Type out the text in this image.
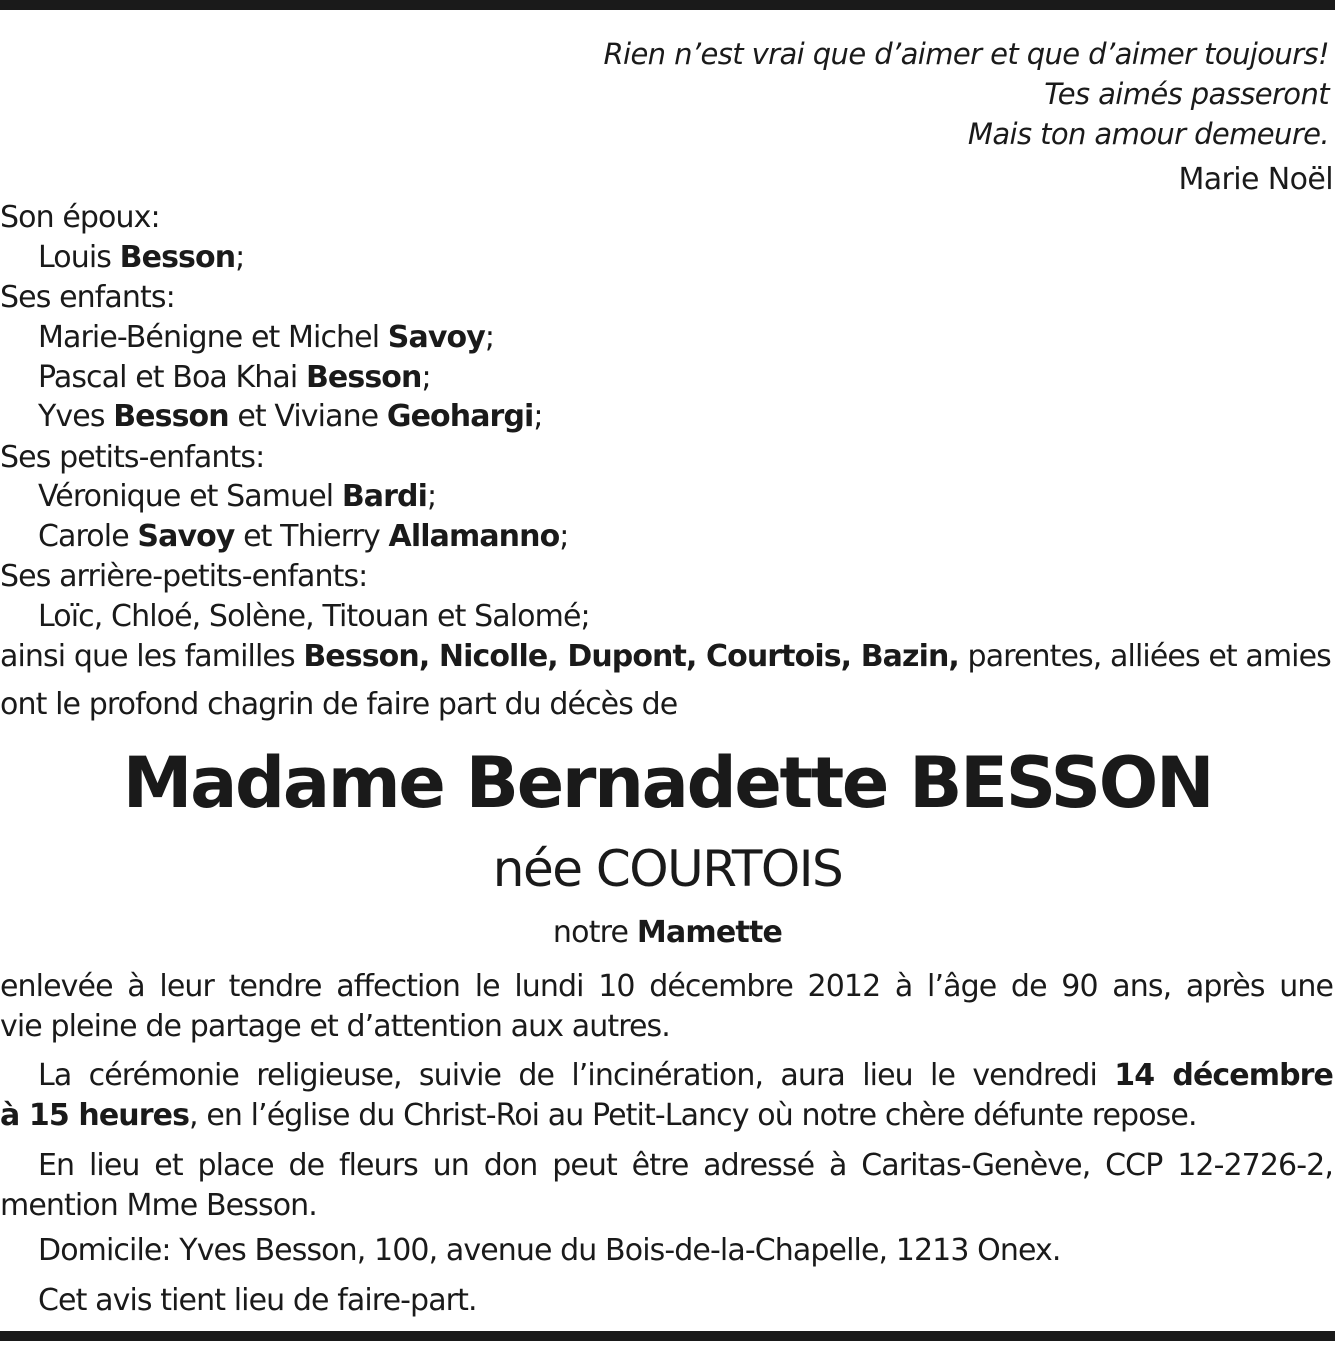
Rien n’est vrai que d’aimer et que d’aimer toujours!
Tes aimés passeront
Mais ton amour demeure.
Marie Noël
Son époux:
Louis Besson;
Ses enfants:
Marie-Bénigne et Michel Savoy;
Pascal et Boa Khai Besson;
Yves Besson et Viviane Geohargi;
Ses petits-enfants:
Véronique et Samuel Bardi;
Carole Savoy et Thierry Allamanno;
Ses arrière-petits-enfants:
Loïc, Chloé, Solène, Titouan et Salomé;
ainsi que les familles Besson, Nicolle, Dupont, Courtois, Bazin, parentes, alliées et amies
ont le profond chagrin de faire part du décès de
Madame Bernadette BESSON
née COURTOIS
notre Mamette
enlevée à leur tendre affection le lundi 10 décembre 2012 à l’âge de 90 ans, après une
vie pleine de partage et d’attention aux autres.
La cérémonie religieuse, suivie de l’incinération, aura lieu le vendredi 14 décembre
à 15 heures, en l’église du Christ-Roi au Petit-Lancy où notre chère défunte repose.
En lieu et place de fleurs un don peut être adressé à Caritas-Genève, CCP 12-2726-2,
mention Mme Besson.
Domicile: Yves Besson, 100, avenue du Bois-de-la-Chapelle, 1213 Onex.
Cet avis tient lieu de faire-part.
